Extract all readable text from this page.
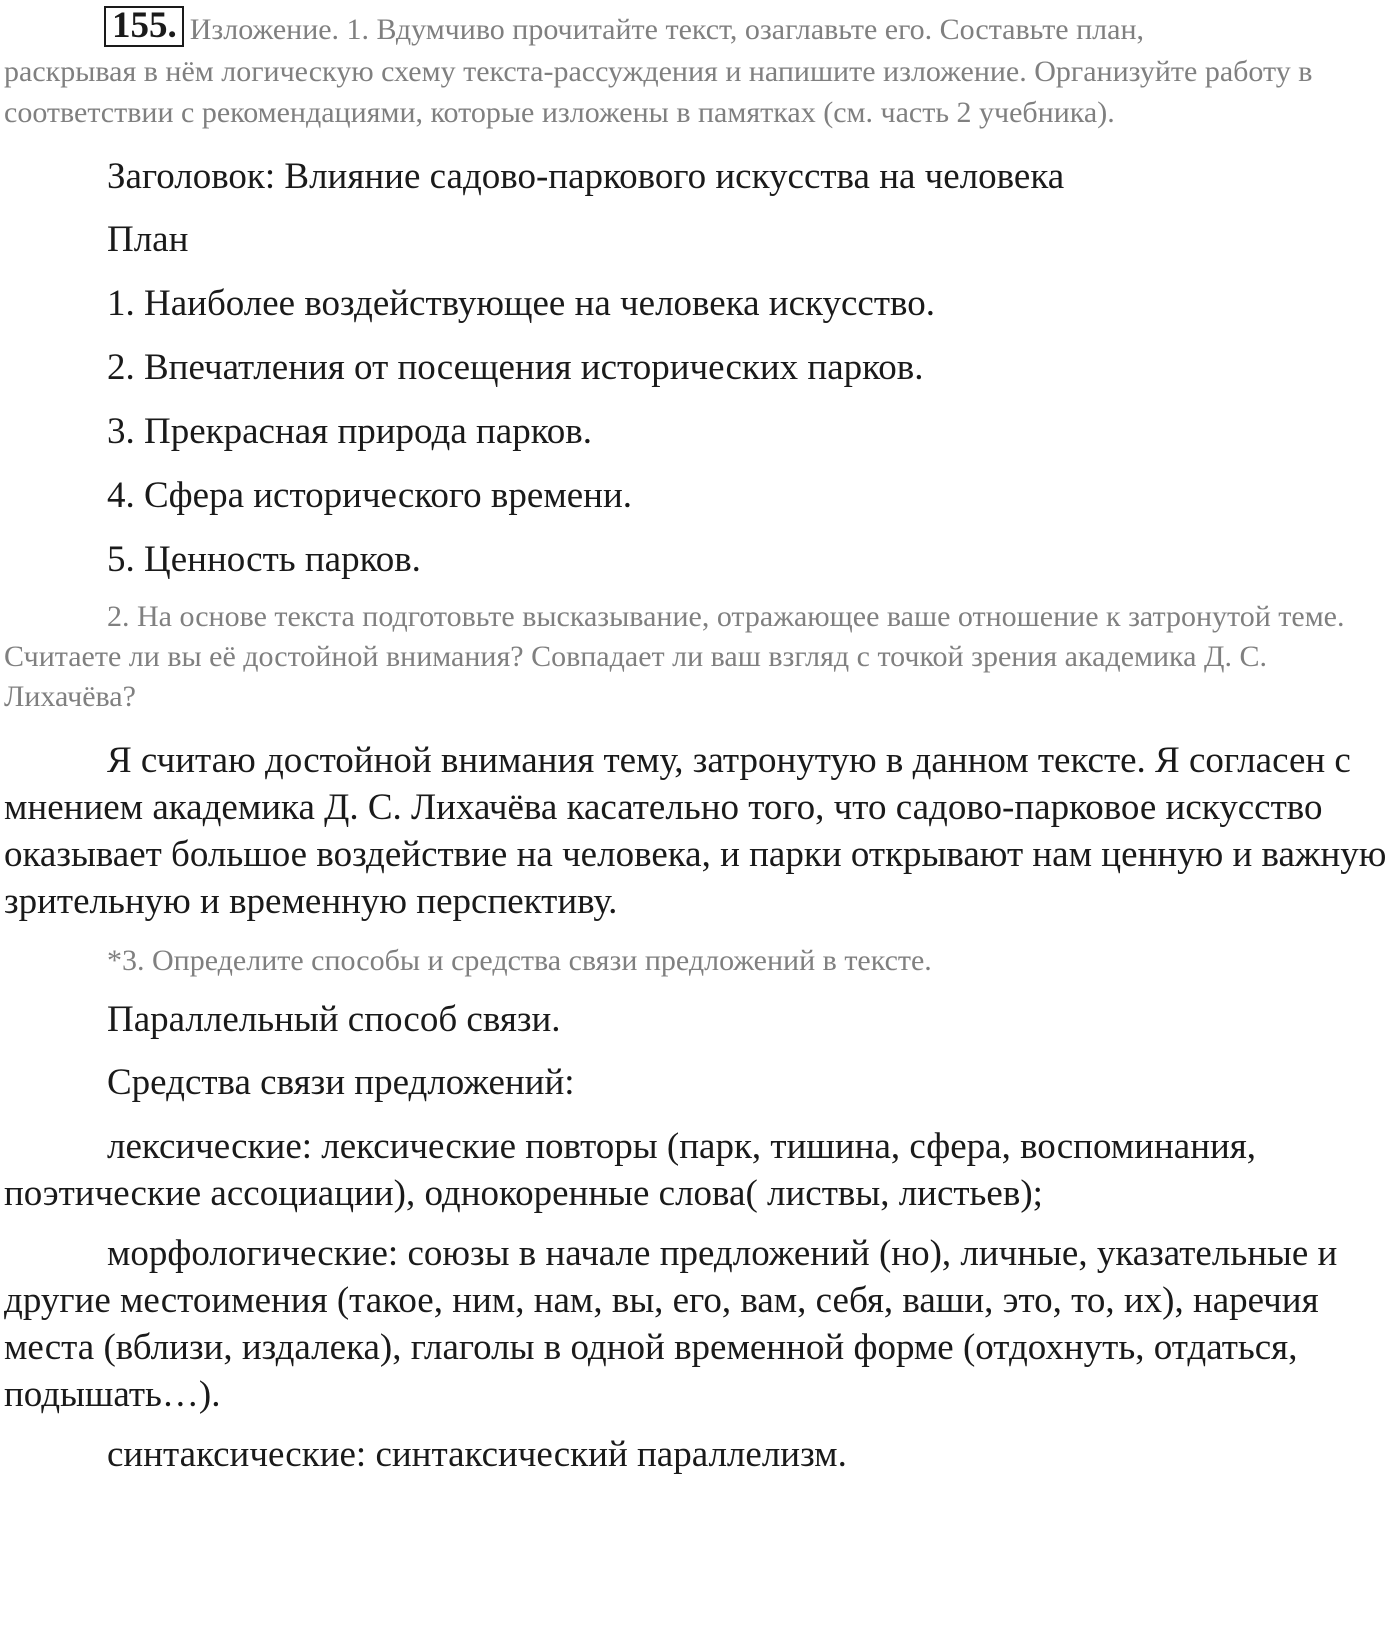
155. Изложение. 1. Вдумчиво прочитайте текст, озаглавьте его. Составьте план,

раскрывая в нём логическую схему текста-рассуждения и напишите изложение. Организуйте работу в соответствии с рекомендациями, которые изложены в памятках (см. часть 2 учебника).

Заголовок: Влияние садово-паркового искусства на человека

План

1. Наиболее воздействующее на человека искусство.

2. Впечатления от посещения исторических парков.

3. Прекрасная природа парков.

4. Сфера исторического времени.

5. Ценность парков.

2. На основе текста подготовьте высказывание, отражающее ваше отношение к затронутой теме. Считаете ли вы её достойной внимания? Совпадает ли ваш взгляд с точкой зрения академика Д. С. Лихачёва?

Я считаю достойной внимания тему, затронутую в данном тексте. Я согласен с мнением академика Д. С. Лихачёва касательно того, что садово-парковое искусство оказывает большое воздействие на человека, и парки открывают нам ценную и важную зрительную и временную перспективу.

*3. Определите способы и средства связи предложений в тексте.

Параллельный способ связи.

Средства связи предложений:

лексические: лексические повторы (парк, тишина, сфера, воспоминания, поэтические ассоциации), однокоренные слова( листвы, листьев);

морфологические: союзы в начале предложений (но), личные, указательные и другие местоимения (такое, ним, нам, вы, его, вам, себя, ваши, это, то, их), наречия места (вблизи, издалека), глаголы в одной временной форме (отдохнуть, отдаться, подышать…).

синтаксические: синтаксический параллелизм.
